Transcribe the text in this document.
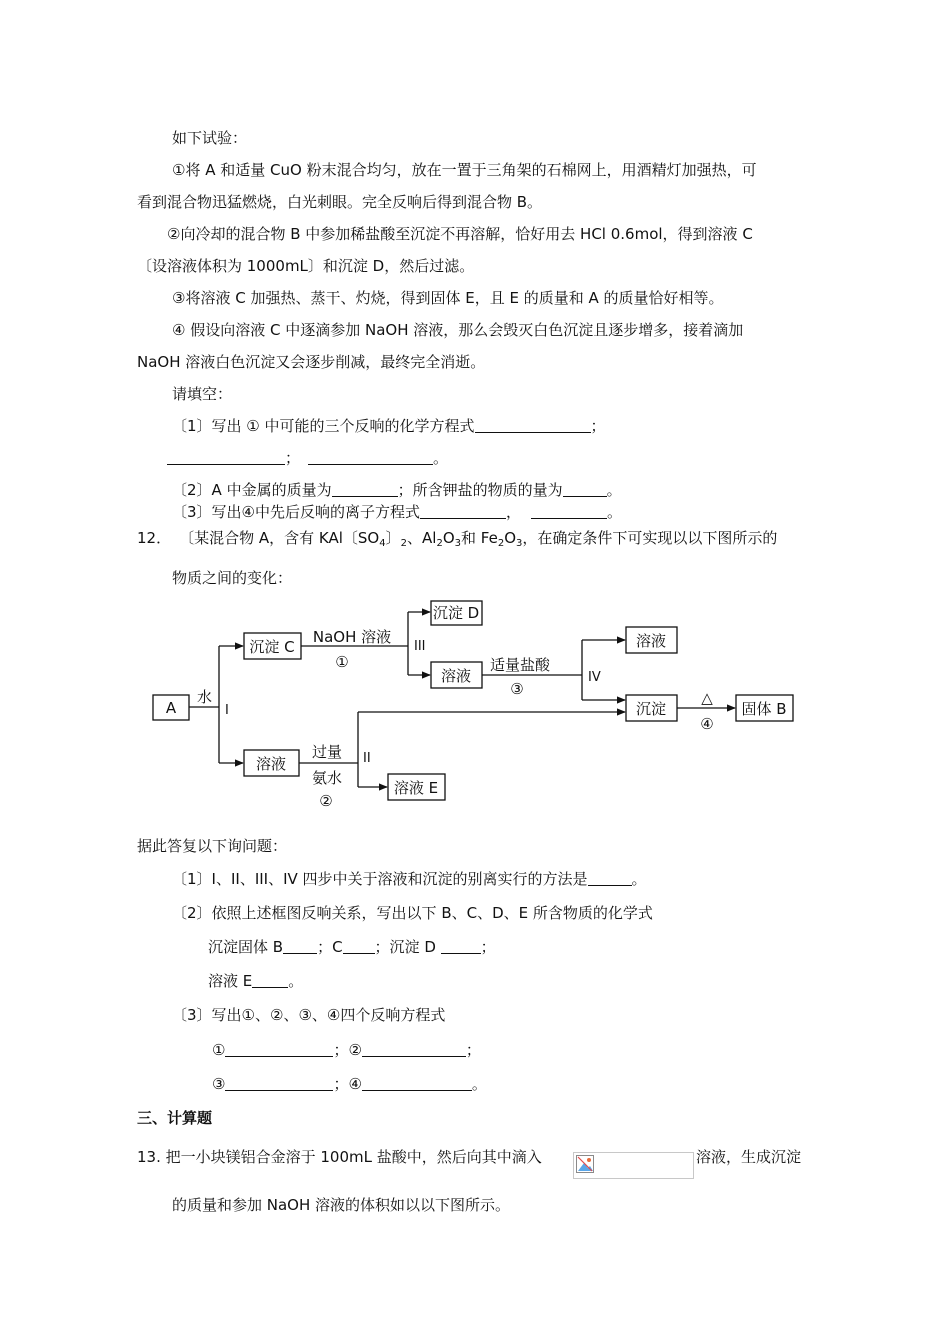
如下试验：
①将 A 和适量 CuO 粉末混合均匀，放在一置于三角架的石棉网上，用酒精灯加强热，可
看到混合物迅猛燃烧，白光刺眼。完全反响后得到混合物 B。
②向冷却的混合物 B 中参加稀盐酸至沉淀不再溶解，恰好用去 HCl 0.6mol，得到溶液 C
〔设溶液体积为 1000mL〕和沉淀 D，然后过滤。
③将溶液 C 加强热、蒸干、灼烧，得到固体 E，且 E 的质量和 A 的质量恰好相等。
④ 假设向溶液 C 中逐滴参加 NaOH 溶液，那么会毁灭白色沉淀且逐步增多，接着滴加
NaOH 溶液白色沉淀又会逐步削减，最终完全消逝。
请填空：
〔1〕写出 ① 中可能的三个反响的化学方程式	；
；	。
〔2〕A 中金属的质量为	；所含钾盐的物质的量为	。
〔3〕写出④中先后反响的离子方程式	，	。
12． 〔某混合物 A，含有 KAl〔$SO_4$〕$_2$、$Al_2O_3$和 $Fe_2O_3$，在确定条件下可实现以以下图所示的
物质之间的变化：
A
沉淀 C
沉淀 D
溶液
溶液
沉淀	固体 B
溶液
溶液 E
水
I
NaOH 溶液
①
III
适量盐酸
③
IV
△
④
过量
氨水
②
II
据此答复以下询问题：
〔1〕I、II、III、IV 四步中关于溶液和沉淀的别离实行的方法是	。
〔2〕依照上述框图反响关系，写出以下 B、C、D、E 所含物质的化学式
沉淀固体 B ；C ；沉淀 D	；
溶液 E 。
〔3〕写出①、②、③、④四个反响方程式
①	；②	；
③	；④	。
三、计算题
13. 把一小块镁铝合金溶于 100mL 盐酸中，然后向其中滴入	溶液，生成沉淀
的质量和参加 NaOH 溶液的体积如以以下图所示。
